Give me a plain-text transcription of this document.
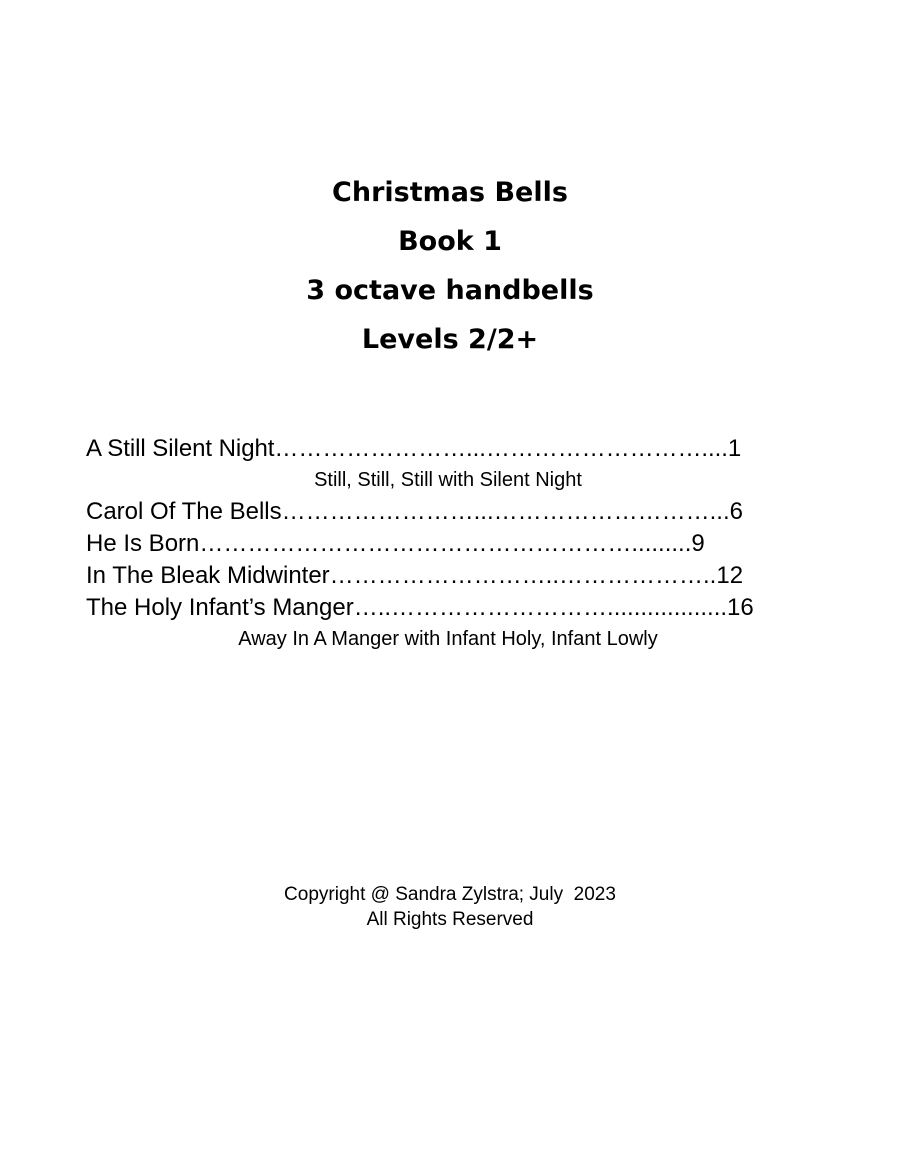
Christmas Bells
Book 1
3 octave handbells
Levels 2/2+
A Still Silent Night……………………...………………………....1
Still, Still, Still with Silent Night
Carol Of The Bells……………………...………………………...6
He Is Born……………………………………………….........9
In The Bleak Midwinter………………………..………………..12
The Holy Infant’s Manger…..………………………..................16
Away In A Manger with Infant Holy, Infant Lowly
Copyright @ Sandra Zylstra; July  2023
All Rights Reserved
